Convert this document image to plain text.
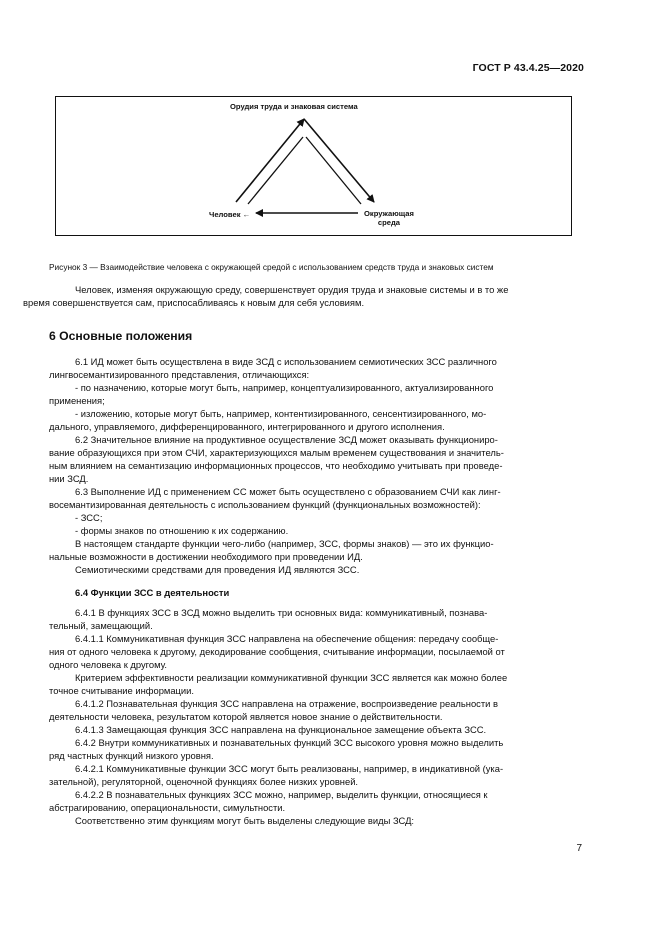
ГОСТ Р 43.4.25—2020
Орудия труда и знаковая система
Человек ←	Окружающая
среда
Рисунок 3 — Взаимодействие человека с окружающей средой с использованием средств труда и знаковых систем

Человек, изменяя окружающую среду, совершенствует орудия труда и знаковые системы и в то же
время совершенствуется сам, приспосабливаясь к новым для себя условиям.

6 Основные положения
6.1 ИД может быть осуществлена в виде ЗСД с использованием семиотических ЗСС различного
лингвосемантизированного представления, отличающихся:
- по назначению, которые могут быть, например, концептуализированного, актуализированного
применения;
- изложению, которые могут быть, например, контентизированного, сенсентизированного, мо-
дального, управляемого, дифференцированного, интегрированного и другого исполнения.
6.2 Значительное влияние на продуктивное осуществление ЗСД может оказывать функциониро-
вание образующихся при этом СЧИ, характеризующихся малым временем существования и значитель-
ным влиянием на семантизацию информационных процессов, что необходимо учитывать при проведе-
нии ЗСД.
6.3 Выполнение ИД с применением СС может быть осуществлено с образованием СЧИ как линг-
восемантизированная деятельность с использованием функций (функциональных возможностей):
- ЗСС;
- формы знаков по отношению к их содержанию.
В настоящем стандарте функции чего-либо (например, ЗСС, формы знаков) — это их функцио-
нальные возможности в достижении необходимого при проведении ИД.
Семиотическими средствами для проведения ИД являются ЗСС.
6.4 Функции ЗСС в деятельности
6.4.1 В функциях ЗСС в ЗСД можно выделить три основных вида: коммуникативный, познава-
тельный, замещающий.
6.4.1.1 Коммуникативная функция ЗСС направлена на обеспечение общения: передачу сообще-
ния от одного человека к другому, декодирование сообщения, считывание информации, посылаемой от
одного человека к другому.
Критерием эффективности реализации коммуникативной функции ЗСС является как можно более
точное считывание информации.
6.4.1.2 Познавательная функция ЗСС направлена на отражение, воспроизведение реальности в
деятельности человека, результатом которой является новое знание о действительности.
6.4.1.3 Замещающая функция ЗСС направлена на функциональное замещение объекта ЗСС.
6.4.2 Внутри коммуникативных и познавательных функций ЗСС высокого уровня можно выделить
ряд частных функций низкого уровня.
6.4.2.1 Коммуникативные функции ЗСС могут быть реализованы, например, в индикативной (ука-
зательной), регуляторной, оценочной функциях более низких уровней.
6.4.2.2 В познавательных функциях ЗСС можно, например, выделить функции, относящиеся к
абстрагированию, операциональности, симультности.
Соответственно этим функциям могут быть выделены следующие виды ЗСД:
7
